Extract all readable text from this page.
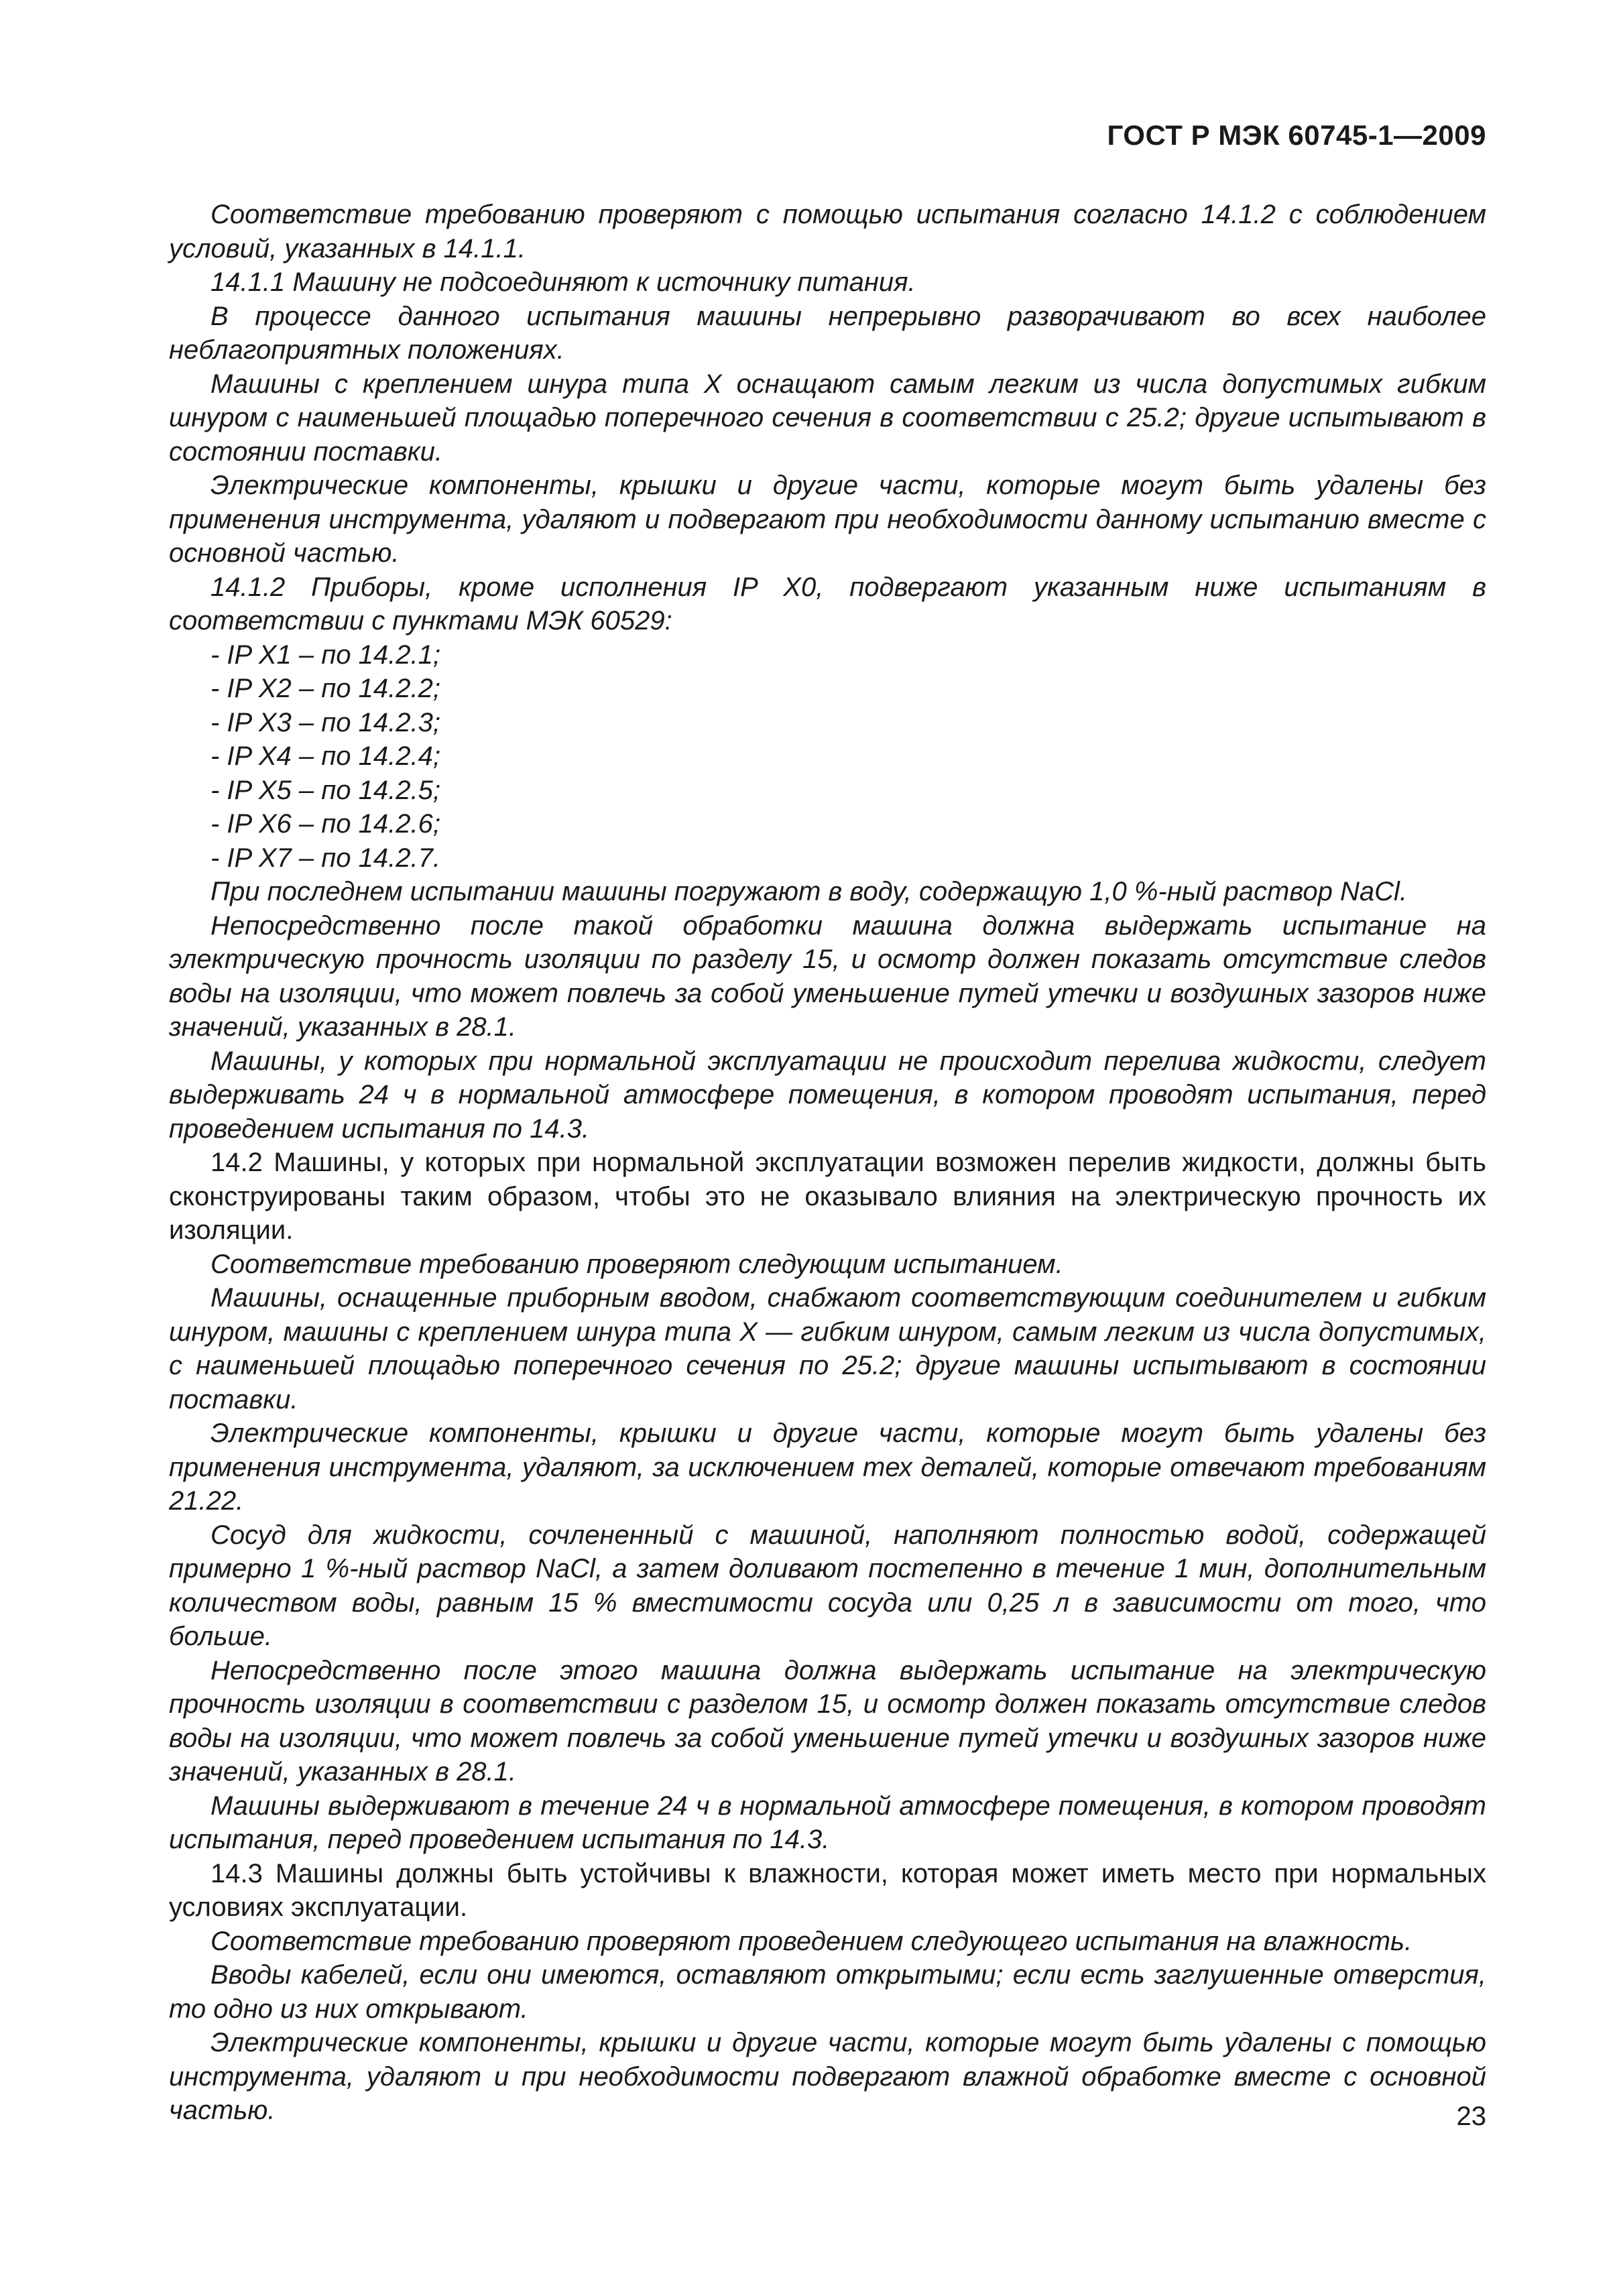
ГОСТ Р МЭК 60745-1—2009

Соответствие требованию проверяют с помощью испытания согласно 14.1.2 с соблюдением условий, указанных в 14.1.1.

14.1.1 Машину не подсоединяют к источнику питания.

В процессе данного испытания машины непрерывно разворачивают во всех наиболее неблагоприятных положениях.

Машины с креплением шнура типа X оснащают самым легким из числа допустимых гибким шнуром с наименьшей площадью поперечного сечения в соответствии с 25.2; другие испытывают в состоянии поставки.

Электрические компоненты, крышки и другие части, которые могут быть удалены без применения инструмента, удаляют и подвергают при необходимости данному испытанию вместе с основной частью.

14.1.2 Приборы, кроме исполнения IP X0, подвергают указанным ниже испытаниям в соответствии с пунктами МЭК 60529:

- IP X1 – по 14.2.1;

- IP X2 – по 14.2.2;

- IP X3 – по 14.2.3;

- IP X4 – по 14.2.4;

- IP X5 – по 14.2.5;

- IP X6 – по 14.2.6;

- IP X7 – по 14.2.7.

При последнем испытании машины погружают в воду, содержащую 1,0 %-ный раствор NaCl.

Непосредственно после такой обработки машина должна выдержать испытание на электрическую прочность изоляции по разделу 15, и осмотр должен показать отсутствие следов воды на изоляции, что может повлечь за собой уменьшение путей утечки и воздушных зазоров ниже значений, указанных в 28.1.

Машины, у которых при нормальной эксплуатации не происходит перелива жидкости, следует выдерживать 24 ч в нормальной атмосфере помещения, в котором проводят испытания, перед проведением испытания по 14.3.

14.2 Машины, у которых при нормальной эксплуатации возможен перелив жидкости, должны быть сконструированы таким образом, чтобы это не оказывало влияния на электрическую прочность их изоляции.

Соответствие требованию проверяют следующим испытанием.

Машины, оснащенные приборным вводом, снабжают соответствующим соединителем и гибким шнуром, машины с креплением шнура типа X — гибким шнуром, самым легким из числа допустимых, с наименьшей площадью поперечного сечения по 25.2; другие машины испытывают в состоянии поставки.

Электрические компоненты, крышки и другие части, которые могут быть удалены без применения инструмента, удаляют, за исключением тех деталей, которые отвечают требованиям 21.22.

Сосуд для жидкости, сочлененный с машиной, наполняют полностью водой, содержащей примерно 1 %-ный раствор NaCl, а затем доливают постепенно в течение 1 мин, дополнительным количеством воды, равным 15 % вместимости сосуда или 0,25 л в зависимости от того, что больше.

Непосредственно после этого машина должна выдержать испытание на электрическую прочность изоляции в соответствии с разделом 15, и осмотр должен показать отсутствие следов воды на изоляции, что может повлечь за собой уменьшение путей утечки и воздушных зазоров ниже значений, указанных в 28.1.

Машины выдерживают в течение 24 ч в нормальной атмосфере помещения, в котором проводят испытания, перед проведением испытания по 14.3.

14.3 Машины должны быть устойчивы к влажности, которая может иметь место при нормальных условиях эксплуатации.

Соответствие требованию проверяют проведением следующего испытания на влажность.

Вводы кабелей, если они имеются, оставляют открытыми; если есть заглушенные отверстия, то одно из них открывают.

Электрические компоненты, крышки и другие части, которые могут быть удалены с помощью инструмента, удаляют и при необходимости подвергают влажной обработке вместе с основной частью.	23
